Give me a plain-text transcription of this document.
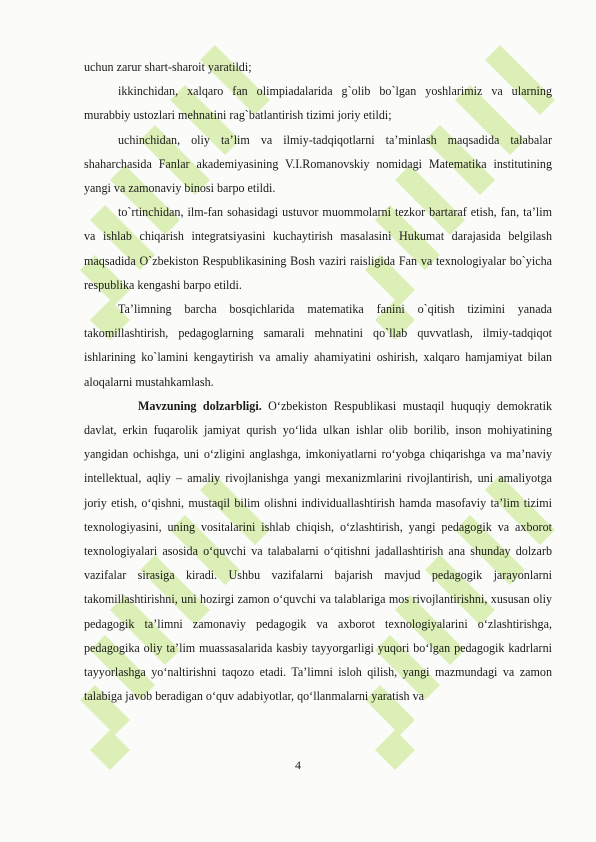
uchun zarur shart-sharoit yaratildi;

ikkinchidan, xalqaro fan olimpiadalarida g`olib bo`lgan yoshlarimiz va ularning murabbiy ustozlari mehnatini rag`batlantirish tizimi joriy etildi;

uchinchidan, oliy ta’lim va ilmiy-tadqiqotlarni ta’minlash maqsadida talabalar shaharchasida Fanlar akademiyasining V.I.Romanovskiy nomidagi Matematika institutining yangi va zamonaviy binosi barpo etildi.

to`rtinchidan, ilm-fan sohasidagi ustuvor muommolarni tezkor bartaraf etish, fan, ta’lim va ishlab chiqarish integratsiyasini kuchaytirish masalasini Hukumat darajasida belgilash maqsadida O`zbekiston Respublikasining Bosh vaziri raisligida Fan va texnologiyalar bo`yicha respublika kengashi barpo etildi.

Ta’limning barcha bosqichlarida matematika fanini o`qitish tizimini yanada takomillashtirish, pedagoglarning samarali mehnatini qo`llab quvvatlash, ilmiy-tadqiqot ishlarining ko`lamini kengaytirish va amaliy ahamiyatini oshirish, xalqaro hamjamiyat bilan aloqalarni mustahkamlash.

Mavzuning dolzarbligi. O‘zbekiston Respublikasi mustaqil huquqiy demokratik davlat, erkin fuqarolik jamiyat qurish yo‘lida ulkan ishlar olib borilib, inson mohiyatining yangidan ochishga, uni o‘zligini anglashga, imkoniyatlarni ro‘yobga chiqarishga va ma’naviy intellektual, aqliy – amaliy rivojlanishga yangi mexanizmlarini rivojlantirish, uni amaliyotga joriy etish, o‘qishni, mustaqil bilim olishni individuallashtirish hamda masofaviy ta’lim tizimi texnologiyasini, uning vositalarini ishlab chiqish, o‘zlashtirish, yangi pedagogik va axborot texnologiyalari asosida o‘quvchi va talabalarni o‘qitishni jadallashtirish ana shunday dolzarb vazifalar sirasiga kiradi. Ushbu vazifalarni bajarish mavjud pedagogik jarayonlarni takomillashtirishni, uni hozirgi zamon o‘quvchi va talablariga mos rivojlantirishni, xususan oliy pedagogik ta’limni zamonaviy pedagogik va axborot texnologiyalarini o‘zlashtirishga, pedagogika oliy ta’lim muassasalarida kasbiy tayyorgarligi yuqori bo‘lgan pedagogik kadrlarni tayyorlashga yo‘naltirishni taqozo etadi. Ta’limni isloh qilish, yangi mazmundagi va zamon talabiga javob beradigan o‘quv adabiyotlar, qo‘llanmalarni yaratish va

4
